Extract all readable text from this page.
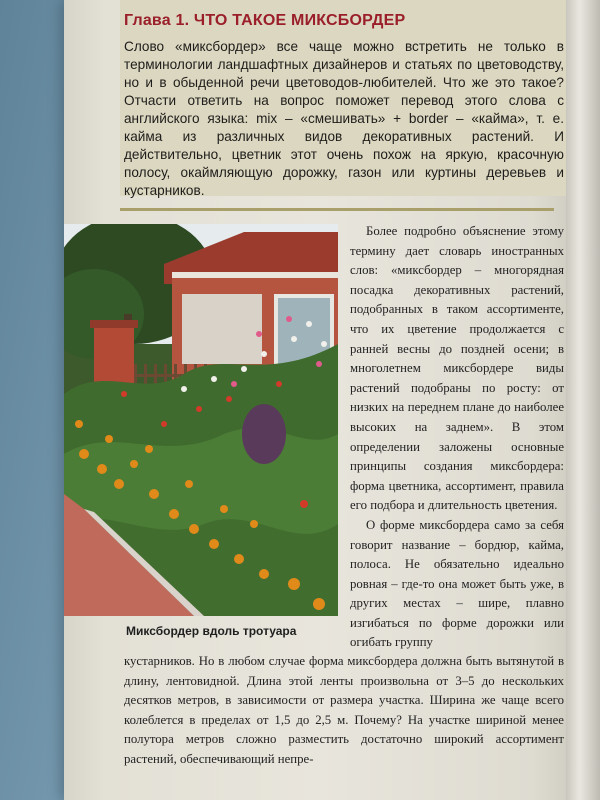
Глава 1. ЧТО ТАКОЕ МИКСБОРДЕР

Слово «миксбордер» все чаще можно встретить не только в терминологии ландшафтных дизайнеров и статьях по цветоводству, но и в обыденной речи цветоводов-любителей. Что же это такое? Отчасти ответить на вопрос поможет перевод этого слова с английского языка: mix – «смешивать» + border – «кайма», т. е. кайма из различных видов декоративных растений. И действительно, цветник этот очень похож на яркую, красочную полосу, окаймляющую дорожку, газон или куртины деревьев и кустарников.

Миксбордер вдоль тротуара

Более подробно объяснение этому термину дает словарь иностранных слов: «миксбордер – многорядная посадка декоративных растений, подобранных в таком ассортименте, что их цветение продолжается с ранней весны до поздней осени; в многолетнем миксбордере виды растений подобраны по росту: от низких на переднем плане до наиболее высоких на заднем». В этом определении заложены основные принципы создания миксбордера: форма цветника, ассортимент, правила его подбора и длительность цветения.

О форме миксбордера само за себя говорит название – бордюр, кайма, полоса. Не обязательно идеально ровная – где-то она может быть уже, в других местах – шире, плавно изгибаться по форме дорожки или огибать группу

кустарников. Но в любом случае форма миксбордера должна быть вытянутой в длину, лентовидной. Длина этой ленты произвольна от 3–5 до нескольких десятков метров, в зависимости от размера участка. Ширина же чаще всего колеблется в пределах от 1,5 до 2,5 м. Почему? На участке шириной менее полутора метров сложно разместить достаточно широкий ассортимент растений, обеспечивающий непре-
